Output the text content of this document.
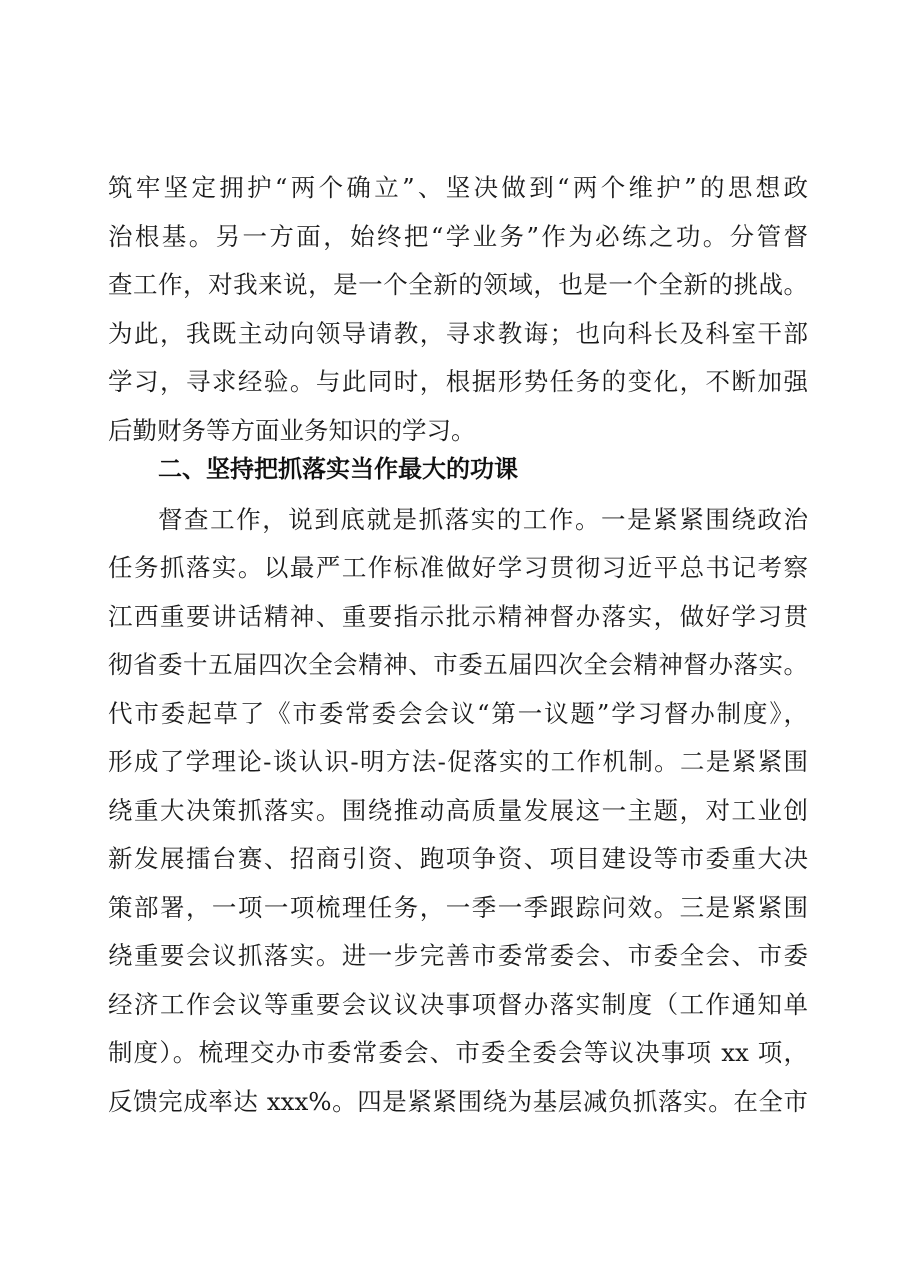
筑牢坚定拥护“两个确立”、坚决做到“两个维护”的思想政
治根基。另一方面，始终把“学业务”作为必练之功。分管督
查工作，对我来说，是一个全新的领域，也是一个全新的挑战。
为此，我既主动向领导请教，寻求教诲；也向科长及科室干部
学习，寻求经验。与此同时，根据形势任务的变化，不断加强
后勤财务等方面业务知识的学习。
二、坚持把抓落实当作最大的功课
督查工作，说到底就是抓落实的工作。一是紧紧围绕政治
任务抓落实。以最严工作标准做好学习贯彻习近平总书记考察
江西重要讲话精神、重要指示批示精神督办落实，做好学习贯
彻省委十五届四次全会精神、市委五届四次全会精神督办落实。
代市委起草了《市委常委会会议“第一议题”学习督办制度》，
形成了学理论-谈认识-明方法-促落实的工作机制。二是紧紧围
绕重大决策抓落实。围绕推动高质量发展这一主题，对工业创
新发展擂台赛、招商引资、跑项争资、项目建设等市委重大决
策部署，一项一项梳理任务，一季一季跟踪问效。三是紧紧围
绕重要会议抓落实。进一步完善市委常委会、市委全会、市委
经济工作会议等重要会议议决事项督办落实制度（工作通知单
制度）。梳理交办市委常委会、市委全委会等议决事项 xx 项，
反馈完成率达 xxx%。四是紧紧围绕为基层减负抓落实。在全市
